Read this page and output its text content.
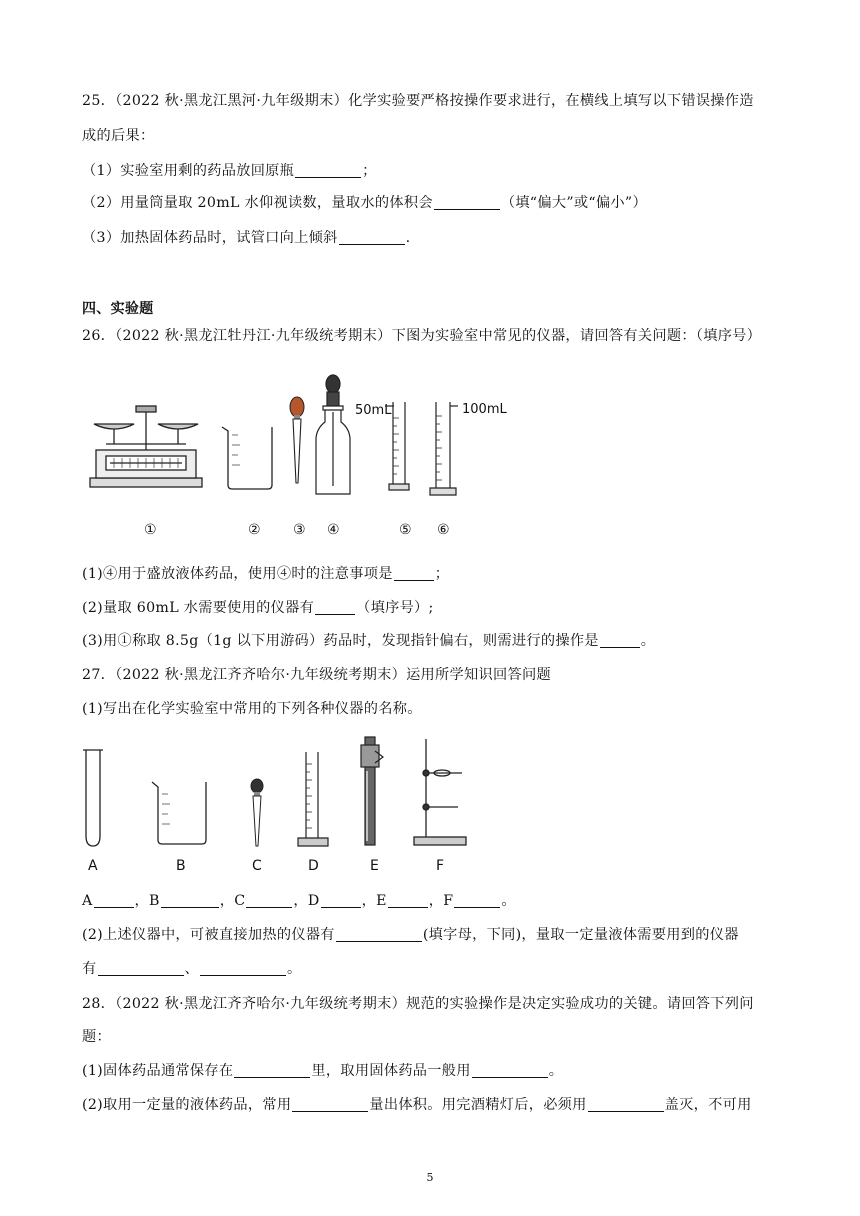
25．（2022 秋·黑龙江黑河·九年级期末）化学实验要严格按操作要求进行，在横线上填写以下错误操作造
成的后果：
（1）实验室用剩的药品放回原瓶	；
（2）用量筒量取 20mL 水仰视读数，量取水的体积会	（填“偏大”或“偏小”）
（3）加热固体药品时，试管口向上倾斜	.
四、实验题
26．（2022 秋·黑龙江牡丹江·九年级统考期末）下图为实验室中常见的仪器，请回答有关问题：（填序号）
50mL	100mL
①	② ③ ④	⑤ ⑥
(1)④用于盛放液体药品，使用④时的注意事项是	；
(2)量取 60mL 水需要使用的仪器有	（填序号）;
(3)用①称取 8.5g（1g 以下用游码）药品时，发现指针偏右，则需进行的操作是	。
27．（2022 秋·黑龙江齐齐哈尔·九年级统考期末）运用所学知识回答问题
(1)写出在化学实验室中常用的下列各种仪器的名称。
A	B	C	D	E	F
A	，B	，C	，D	，E	，F	。
(2)上述仪器中，可被直接加热的仪器有	(填字母，下同)，量取一定量液体需要用到的仪器
有	、	。
28．（2022 秋·黑龙江齐齐哈尔·九年级统考期末）规范的实验操作是决定实验成功的关键。请回答下列问
题：
(1)固体药品通常保存在	里，取用固体药品一般用	。
(2)取用一定量的液体药品，常用	量出体积。用完酒精灯后，必须用	盖灭，不可用
5
